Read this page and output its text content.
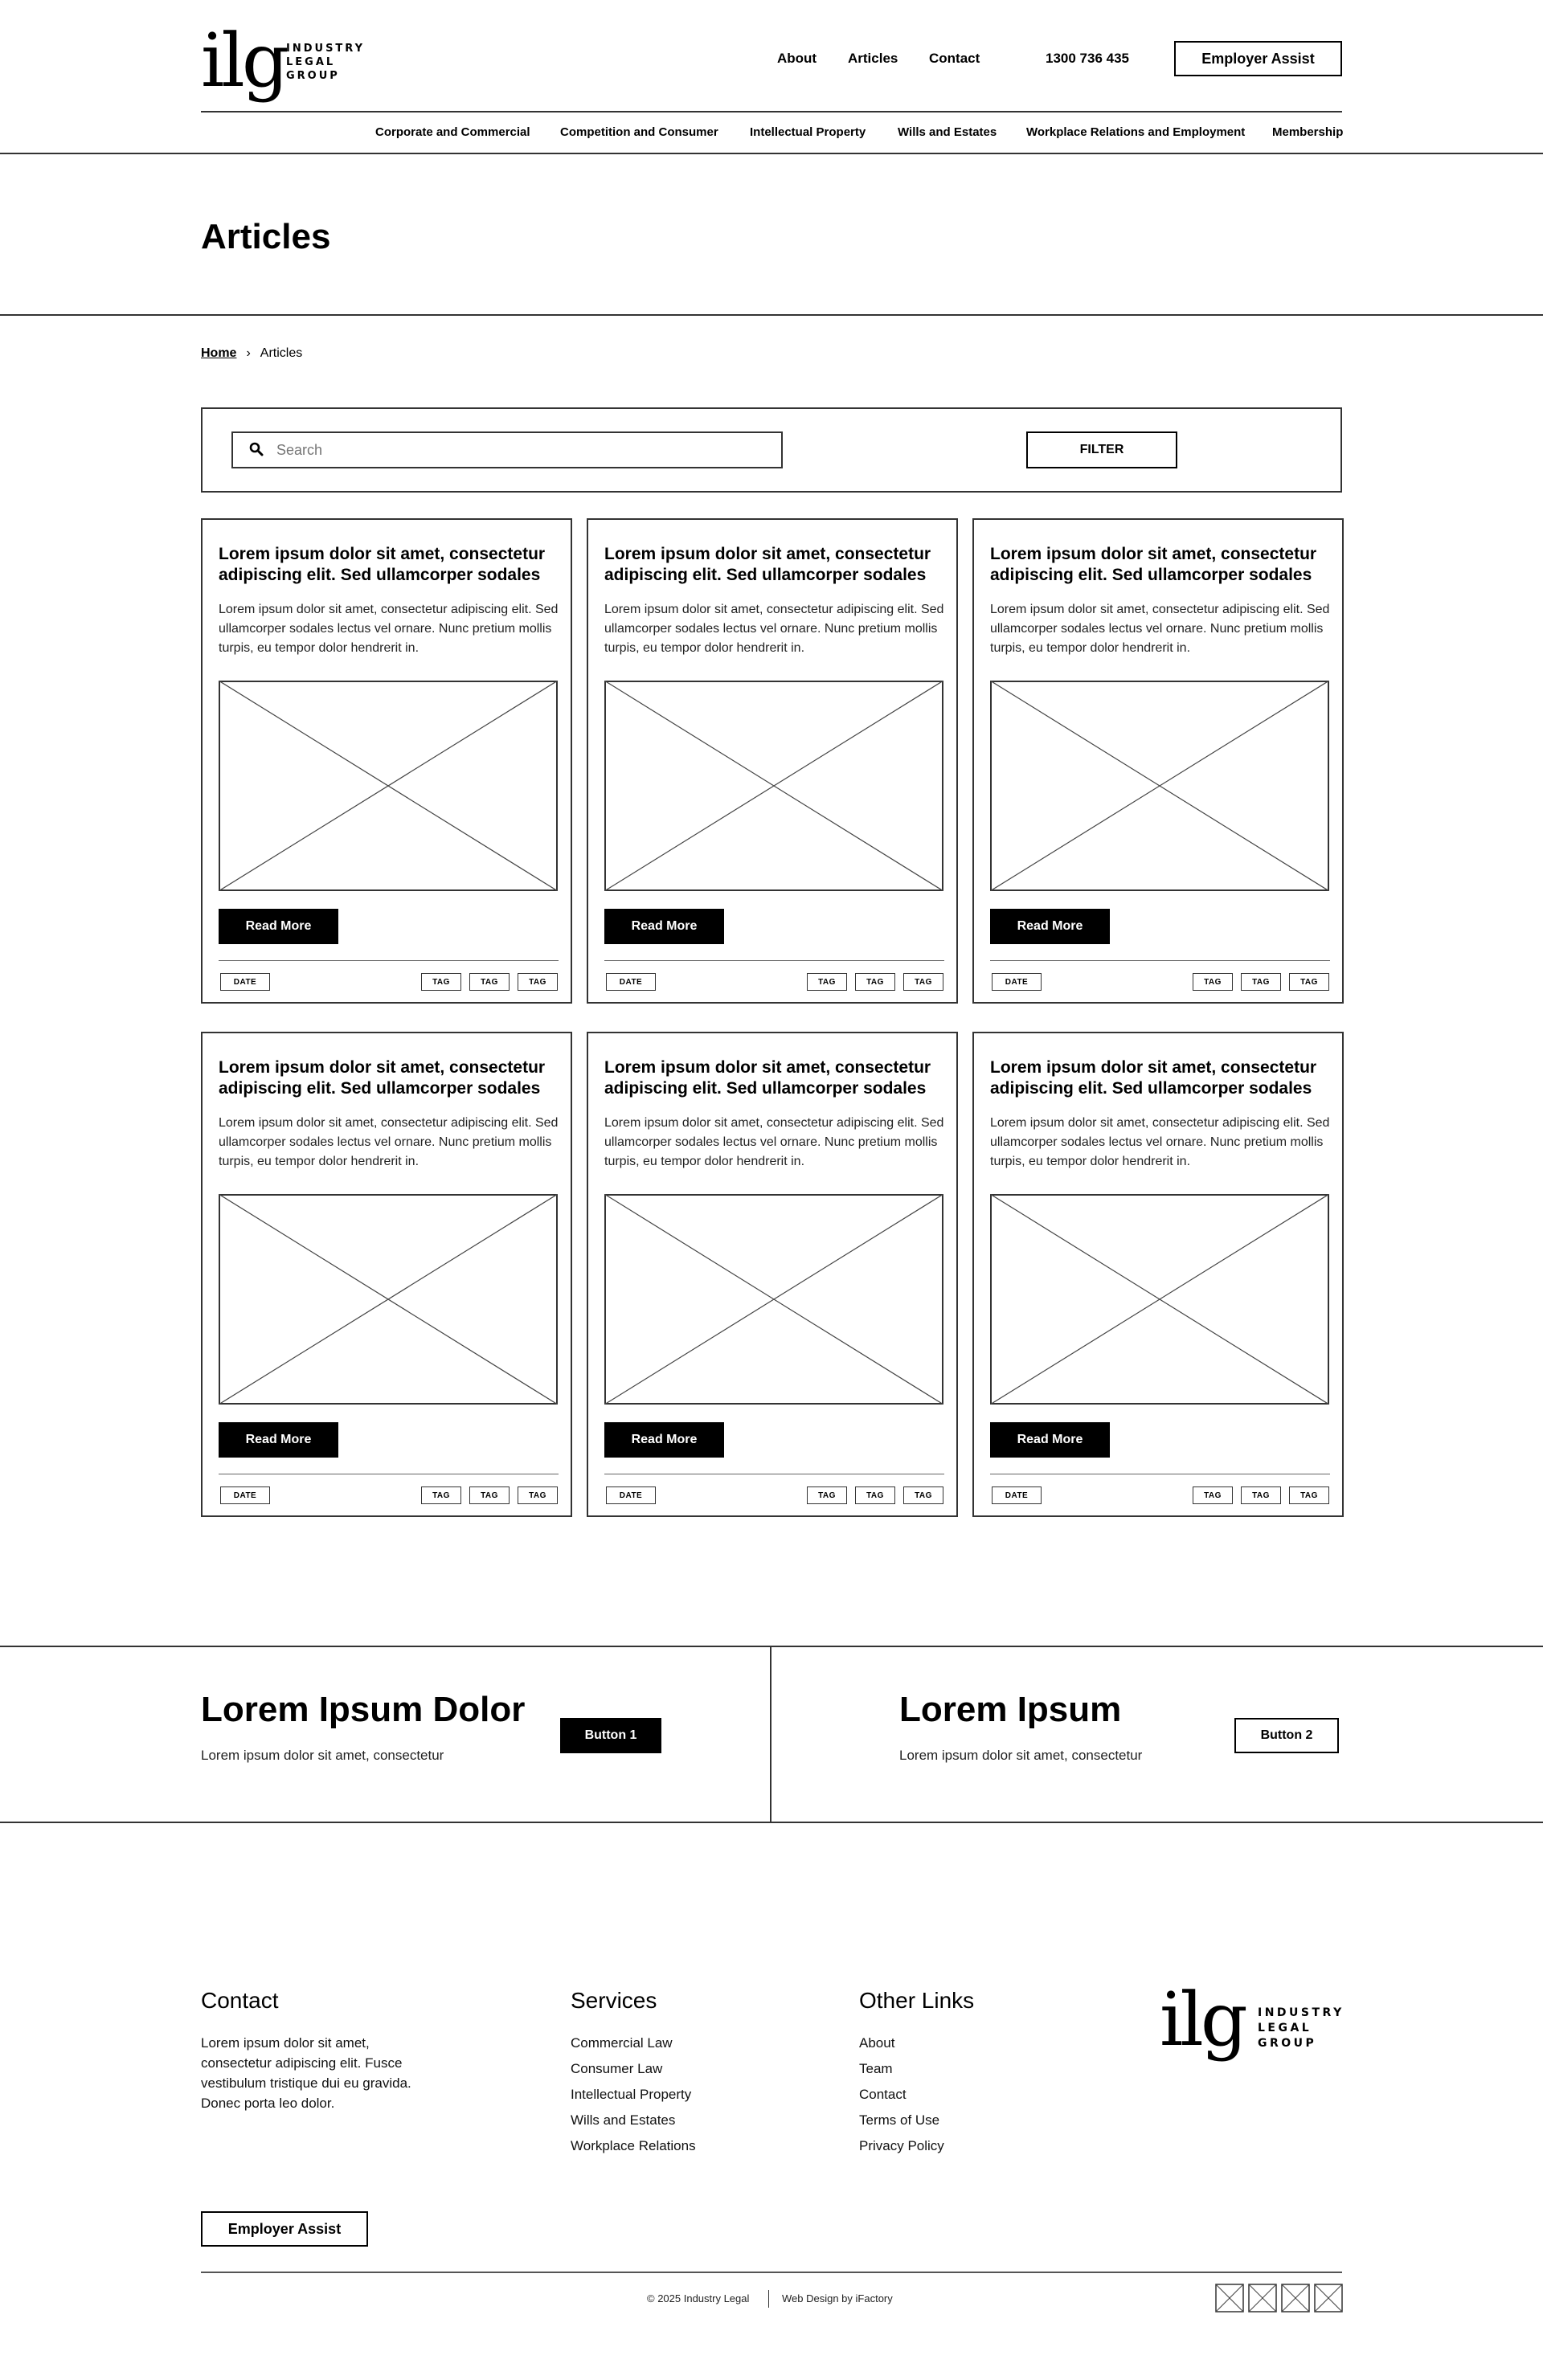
ilg INDUSTRY
LEGAL
GROUP
About Articles Contact	1300 736 435	Employer Assist
Corporate and Commercial Competition and Consumer	Intellectual Property	Wills and Estates Workplace Relations and Employment Membership
Articles
Home › Articles
Search
FILTER
Lorem ipsum dolor sit amet, consectetur adipiscing elit. Sed ullamcorper sodales
Lorem ipsum dolor sit amet, consectetur adipiscing elit. Sed ullamcorper sodales lectus vel ornare. Nunc pretium mollis turpis, eu tempor dolor hendrerit in.
Read More
DATE	TAG	TAG	TAG
Lorem ipsum dolor sit amet, consectetur adipiscing elit. Sed ullamcorper sodales
Lorem ipsum dolor sit amet, consectetur adipiscing elit. Sed ullamcorper sodales lectus vel ornare. Nunc pretium mollis turpis, eu tempor dolor hendrerit in.
Read More
DATE	TAG	TAG	TAG
Lorem ipsum dolor sit amet, consectetur adipiscing elit. Sed ullamcorper sodales
Lorem ipsum dolor sit amet, consectetur adipiscing elit. Sed ullamcorper sodales lectus vel ornare. Nunc pretium mollis turpis, eu tempor dolor hendrerit in.
Read More
DATE	TAG	TAG	TAG
Lorem ipsum dolor sit amet, consectetur adipiscing elit. Sed ullamcorper sodales
Lorem ipsum dolor sit amet, consectetur adipiscing elit. Sed ullamcorper sodales lectus vel ornare. Nunc pretium mollis turpis, eu tempor dolor hendrerit in.
Read More
DATE	TAG	TAG	TAG
Lorem ipsum dolor sit amet, consectetur adipiscing elit. Sed ullamcorper sodales
Lorem ipsum dolor sit amet, consectetur adipiscing elit. Sed ullamcorper sodales lectus vel ornare. Nunc pretium mollis turpis, eu tempor dolor hendrerit in.
Read More
DATE	TAG	TAG	TAG
Lorem ipsum dolor sit amet, consectetur adipiscing elit. Sed ullamcorper sodales
Lorem ipsum dolor sit amet, consectetur adipiscing elit. Sed ullamcorper sodales lectus vel ornare. Nunc pretium mollis turpis, eu tempor dolor hendrerit in.
Read More
DATE	TAG	TAG	TAG
Lorem Ipsum Dolor
Lorem ipsum dolor sit amet, consectetur
Button 1
Lorem Ipsum
Lorem ipsum dolor sit amet, consectetur
Button 2
Contact
Lorem ipsum dolor sit amet, consectetur adipiscing elit. Fusce vestibulum tristique dui eu gravida. Donec porta leo dolor.
Services
Commercial Law
Consumer Law
Intellectual Property
Wills and Estates
Workplace Relations
Other Links
About
Team
Contact
Terms of Use
Privacy Policy
ilg INDUSTRY
LEGAL
GROUP
Employer Assist
© 2025 Industry Legal	Web Design by iFactory
